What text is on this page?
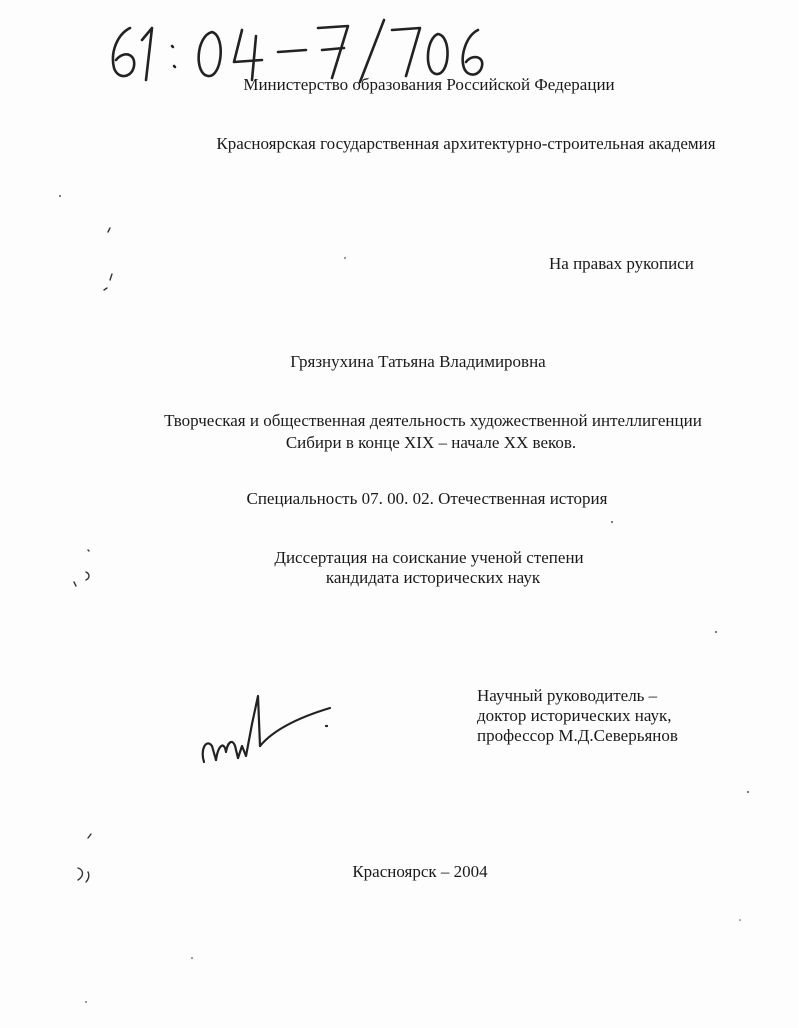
Министерство образования Российской Федерации
Красноярская государственная архитектурно-строительная академия
На правах рукописи
Грязнухина Татьяна Владимировна
Творческая и общественная деятельность художественной интеллигенции
Сибири в конце XIX – начале XX веков.
Специальность 07. 00. 02. Отечественная история
Диссертация на соискание ученой степени
кандидата исторических наук
Научный руководитель –
доктор исторических наук,
профессор М.Д.Северьянов
Красноярск – 2004
